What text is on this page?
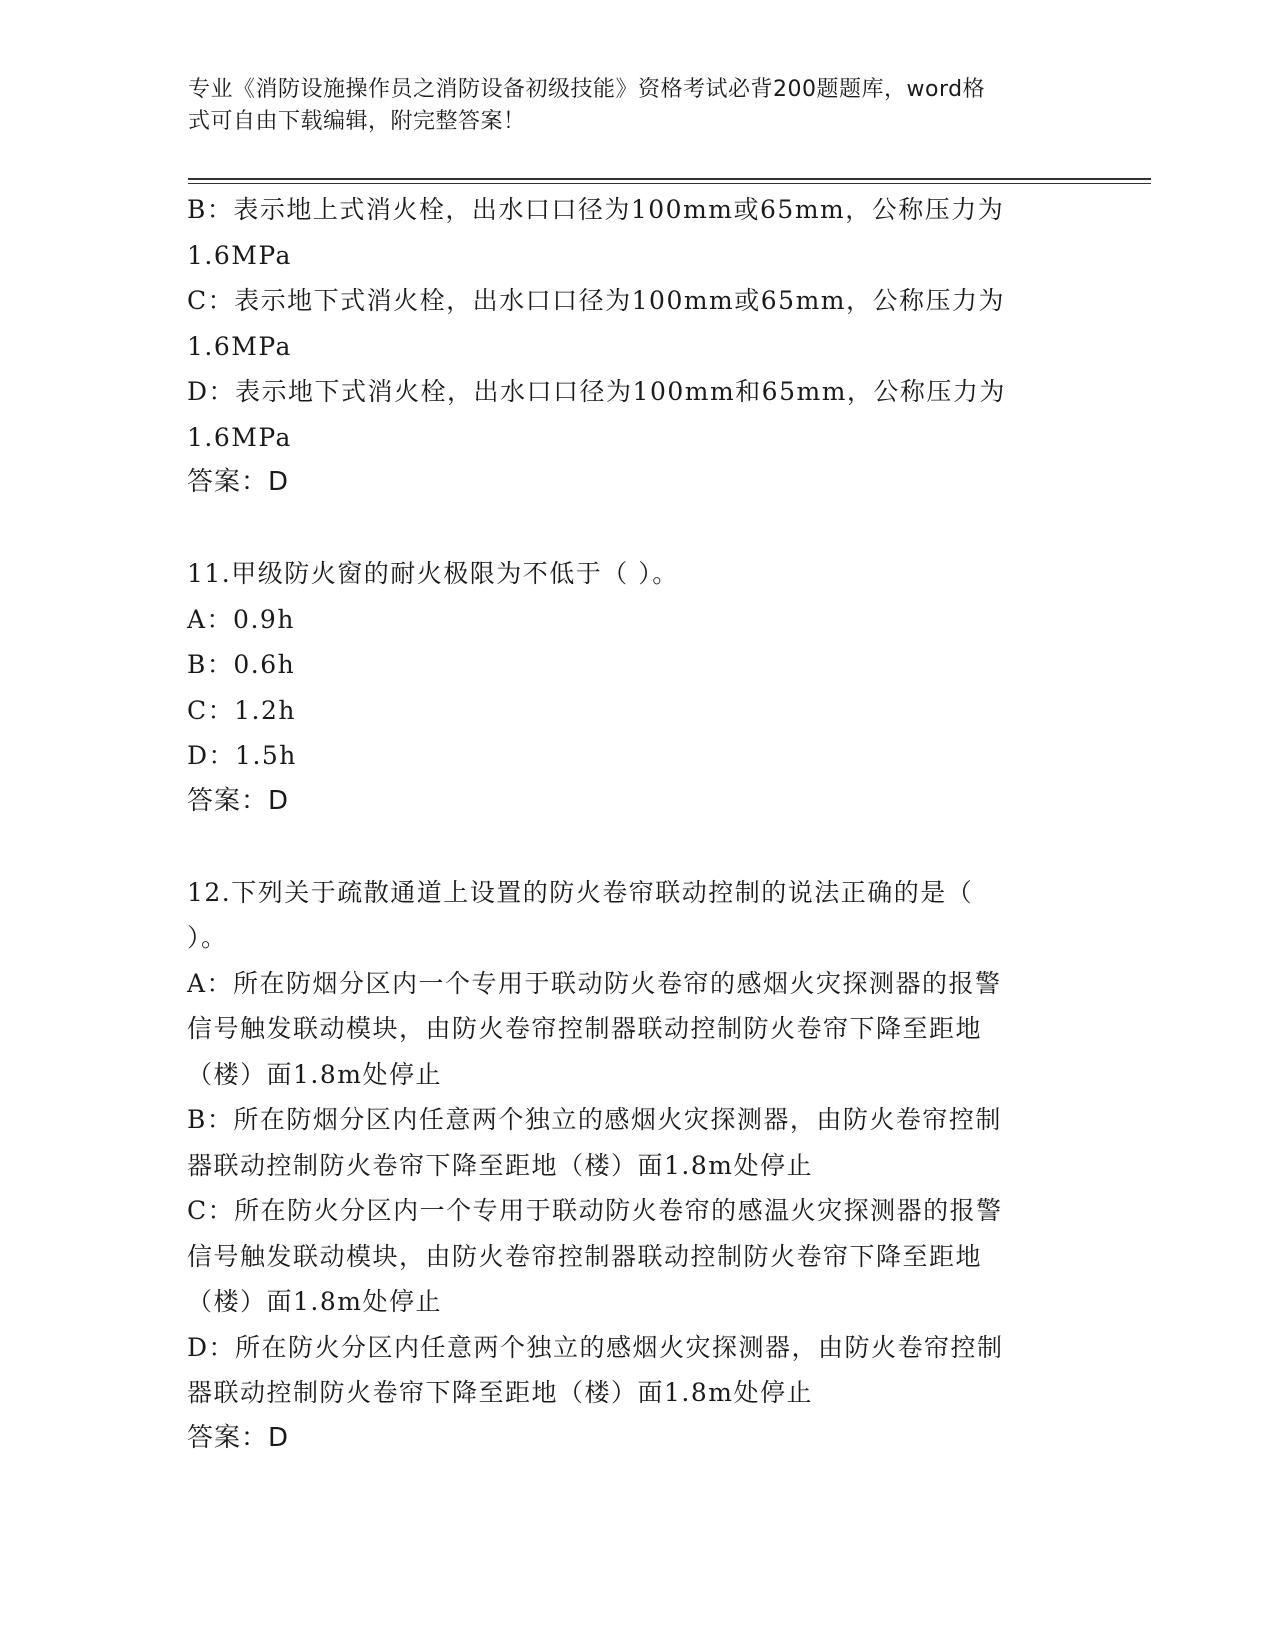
专业《消防设施操作员之消防设备初级技能》资格考试必背200题题库，word格
式可自由下载编辑，附完整答案！
B：表示地上式消火栓，出水口口径为100mm或65mm，公称压力为
1.6MPa
C：表示地下式消火栓，出水口口径为100mm或65mm，公称压力为
1.6MPa
D：表示地下式消火栓，出水口口径为100mm和65mm，公称压力为
1.6MPa
答案：D
11.甲级防火窗的耐火极限为不低于（ ）。
A：0.9h
B：0.6h
C：1.2h
D：1.5h
答案：D
12.下列关于疏散通道上设置的防火卷帘联动控制的说法正确的是（
）。
A：所在防烟分区内一个专用于联动防火卷帘的感烟火灾探测器的报警
信号触发联动模块，由防火卷帘控制器联动控制防火卷帘下降至距地
（楼）面1.8m处停止
B：所在防烟分区内任意两个独立的感烟火灾探测器，由防火卷帘控制
器联动控制防火卷帘下降至距地（楼）面1.8m处停止
C：所在防火分区内一个专用于联动防火卷帘的感温火灾探测器的报警
信号触发联动模块，由防火卷帘控制器联动控制防火卷帘下降至距地
（楼）面1.8m处停止
D：所在防火分区内任意两个独立的感烟火灾探测器，由防火卷帘控制
器联动控制防火卷帘下降至距地（楼）面1.8m处停止
答案：D
